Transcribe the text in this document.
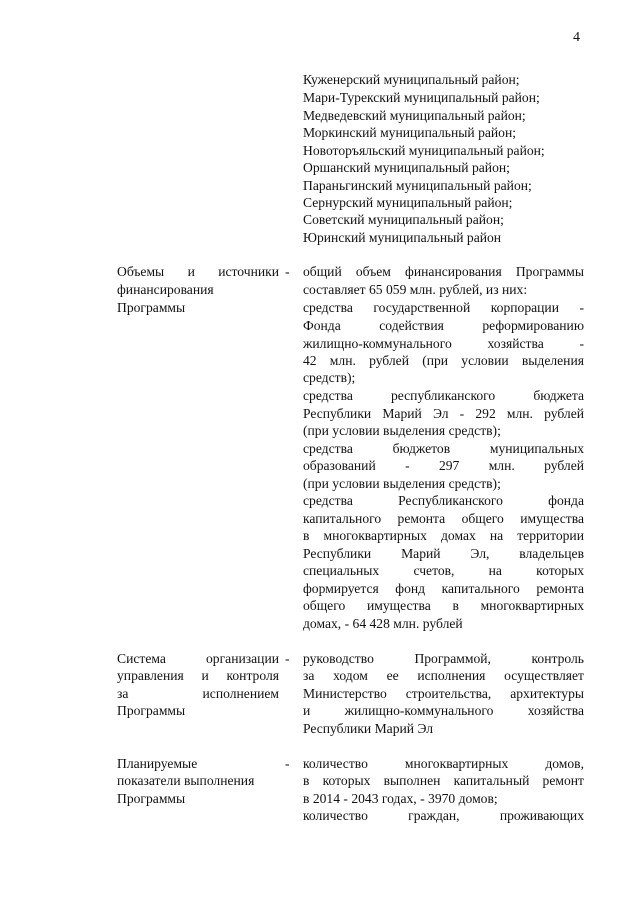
4
Куженерский муниципальный район;
Мари-Турекский муниципальный район;
Медведевский муниципальный район;
Моркинский муниципальный район;
Новоторъяльский муниципальный район;
Оршанский муниципальный район;
Параньгинский муниципальный район;
Сернурский муниципальный район;
Советский муниципальный район;
Юринский муниципальный район
Объемы и источники
финансирования
Программы
- общий объем финансирования Программы
составляет 65 059 млн. рублей, из них:
средства государственной корпорации -
Фонда содействия реформированию
жилищно-коммунального хозяйства -
42 млн. рублей (при условии выделения
средств);
средства республиканского бюджета
Республики Марий Эл - 292 млн. рублей
(при условии выделения средств);
средства бюджетов муниципальных
образований - 297 млн. рублей
(при условии выделения средств);
средства Республиканского фонда
капитального ремонта общего имущества
в многоквартирных домах на территории
Республики Марий Эл, владельцев
специальных счетов, на которых
формируется фонд капитального ремонта
общего имущества в многоквартирных
домах, - 64 428 млн. рублей
Система организации
управления и контроля
за исполнением
Программы
- руководство Программой, контроль
за ходом ее исполнения осуществляет
Министерство строительства, архитектуры
и жилищно-коммунального хозяйства
Республики Марий Эл
Планируемые
показатели выполнения
Программы
- количество многоквартирных домов,
в которых выполнен капитальный ремонт
в 2014 - 2043 годах, - 3970 домов;
количество граждан, проживающих
